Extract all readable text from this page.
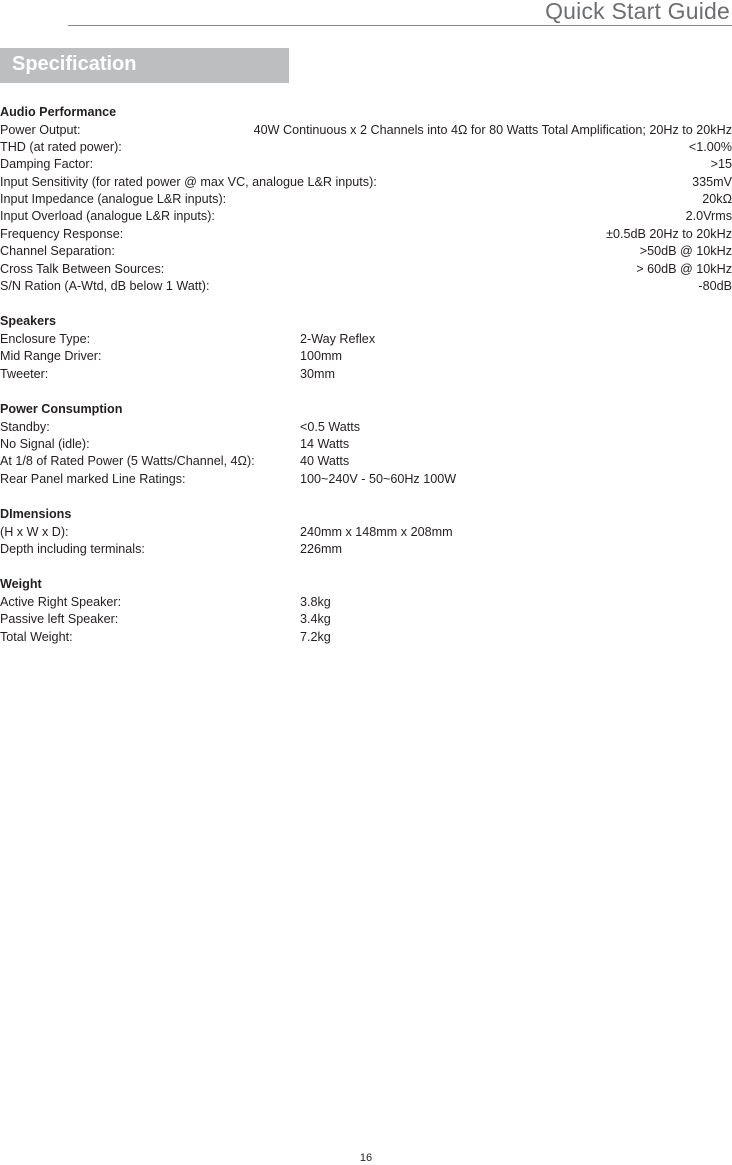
Quick Start Guide
Specification
Audio Performance
Power Output:	40W Continuous x 2 Channels into 4Ω for 80 Watts Total Amplification; 20Hz to 20kHz
THD (at rated power):	<1.00%
Damping Factor:	>15
Input Sensitivity (for rated power @ max VC, analogue L&R inputs):	335mV
Input Impedance (analogue L&R inputs):	20kΩ
Input Overload (analogue L&R inputs):	2.0Vrms
Frequency Response:	±0.5dB 20Hz to 20kHz
Channel Separation:	>50dB @ 10kHz
Cross Talk Between Sources:	> 60dB @ 10kHz
S/N Ration (A-Wtd, dB below 1 Watt):	-80dB
Speakers
Enclosure Type:	2-Way Reflex
Mid Range Driver:	100mm
Tweeter:	30mm
Power Consumption
Standby:	<0.5 Watts
No Signal (idle):	14 Watts
At 1/8 of Rated Power (5 Watts/Channel, 4Ω):	40 Watts
Rear Panel marked Line Ratings:	100~240V - 50~60Hz 100W
DImensions
(H x W x D):	240mm x 148mm x 208mm
Depth including terminals:	226mm
Weight
Active Right Speaker:	3.8kg
Passive left Speaker:	3.4kg
Total Weight:	7.2kg
16
